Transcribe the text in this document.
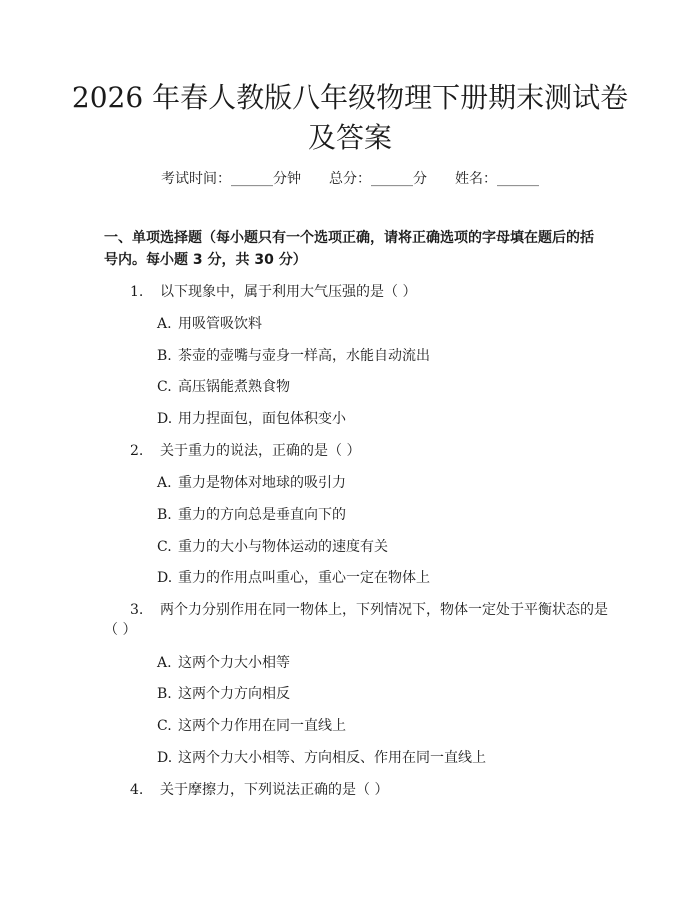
2026 年春人教版八年级物理下册期末测试卷
及答案
考试时间：______分钟 总分：______分 姓名：______
一、单项选择题（每小题只有一个选项正确，请将正确选项的字母填在题后的括
号内。每小题 3 分，共 30 分）
1.	以下现象中，属于利用大气压强的是（ ）
A. 用吸管吸饮料
B. 茶壶的壶嘴与壶身一样高，水能自动流出
C. 高压锅能煮熟食物
D. 用力捏面包，面包体积变小
2.	关于重力的说法，正确的是（ ）
A. 重力是物体对地球的吸引力
B. 重力的方向总是垂直向下的
C. 重力的大小与物体运动的速度有关
D. 重力的作用点叫重心，重心一定在物体上
3.	两个力分别作用在同一物体上，下列情况下，物体一定处于平衡状态的是
（ ）
A. 这两个力大小相等
B. 这两个力方向相反
C. 这两个力作用在同一直线上
D. 这两个力大小相等、方向相反、作用在同一直线上
4.	关于摩擦力，下列说法正确的是（ ）
